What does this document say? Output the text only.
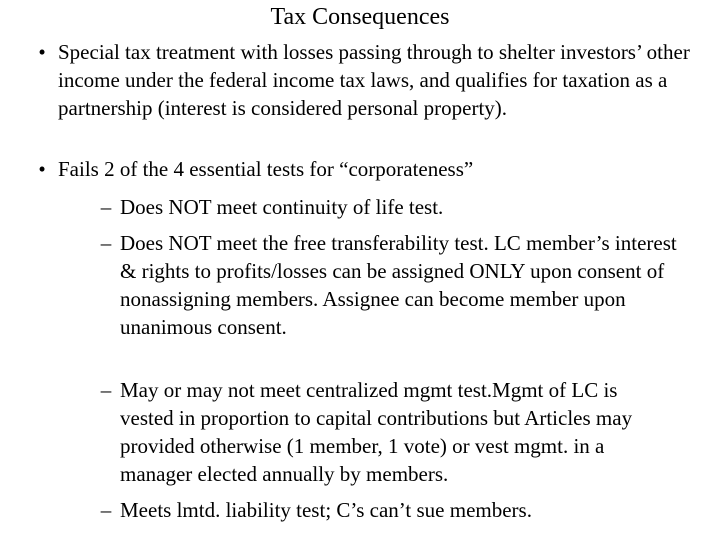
Tax Consequences
• Special tax treatment with losses passing through to shelter investors’ other income under the federal income tax laws, and qualifies for taxation as a partnership (interest is considered personal property).
• Fails 2 of the 4 essential tests for “corporateness”
– Does NOT meet continuity of life test.
– Does NOT meet the free transferability test. LC member’s interest & rights to profits/losses can be assigned ONLY upon consent of nonassigning members. Assignee can become member upon unanimous consent.
– May or may not meet centralized mgmt test.Mgmt of LC is vested in proportion to capital contributions but Articles may provided otherwise (1 member, 1 vote) or vest mgmt. in a manager elected annually by members.
– Meets lmtd. liability test; C’s can’t sue members.
